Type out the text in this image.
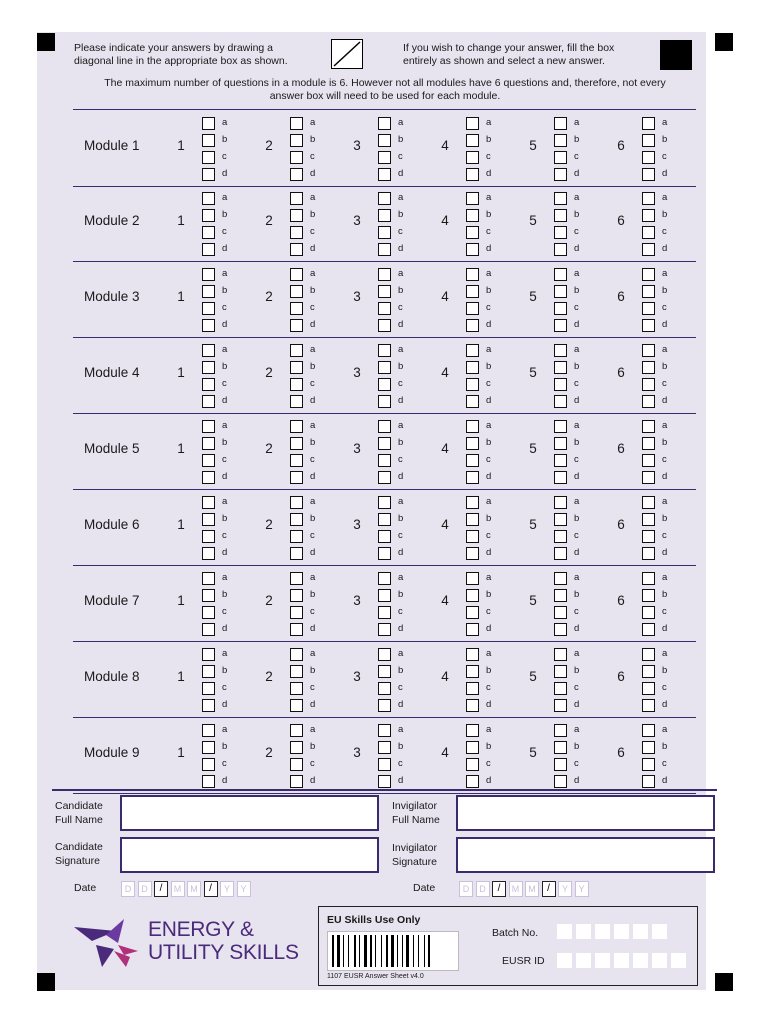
Please indicate your answers by drawing a
diagonal line in the appropriate box as shown.
If you wish to change your answer, fill the box
entirely as shown and select a new answer.
The maximum number of questions in a module is 6. However not all modules have 6 questions and, therefore, not every
answer box will need to be used for each module.
Module 1	1
a
b
c
d
2
a
b
c
d
3
a
b
c
d
4
a
b
c
d
5
a
b
c
d
6
a
b
c
d
Module 2	1
a
b
c
d
2
a
b
c
d
3
a
b
c
d
4
a
b
c
d
5
a
b
c
d
6
a
b
c
d
Module 3	1
a
b
c
d
2
a
b
c
d
3
a
b
c
d
4
a
b
c
d
5
a
b
c
d
6
a
b
c
d
Module 4	1
a
b
c
d
2
a
b
c
d
3
a
b
c
d
4
a
b
c
d
5
a
b
c
d
6
a
b
c
d
Module 5	1
a
b
c
d
2
a
b
c
d
3
a
b
c
d
4
a
b
c
d
5
a
b
c
d
6
a
b
c
d
Module 6	1
a
b
c
d
2
a
b
c
d
3
a
b
c
d
4
a
b
c
d
5
a
b
c
d
6
a
b
c
d
Module 7	1
a
b
c
d
2
a
b
c
d
3
a
b
c
d
4
a
b
c
d
5
a
b
c
d
6
a
b
c
d
Module 8	1
a
b
c
d
2
a
b
c
d
3
a
b
c
d
4
a
b
c
d
5
a
b
c
d
6
a
b
c
d
Module 9	1
a
b
c
d
2
a
b
c
d
3
a
b
c
d
4
a
b
c
d
5
a
b
c
d
6
a
b
c
d
Candidate
Full Name
Invigilator
Full Name
Candidate
Signature
Invigilator
Signature
Date	D	D	/	M	M	/	Y	Y	Date	D	D	/	M	M	/	Y	Y
ENERGY &
UTILITY SKILLS
EU Skills Use Only
1107 EUSR Answer Sheet v4.0
Batch No.
EUSR ID
